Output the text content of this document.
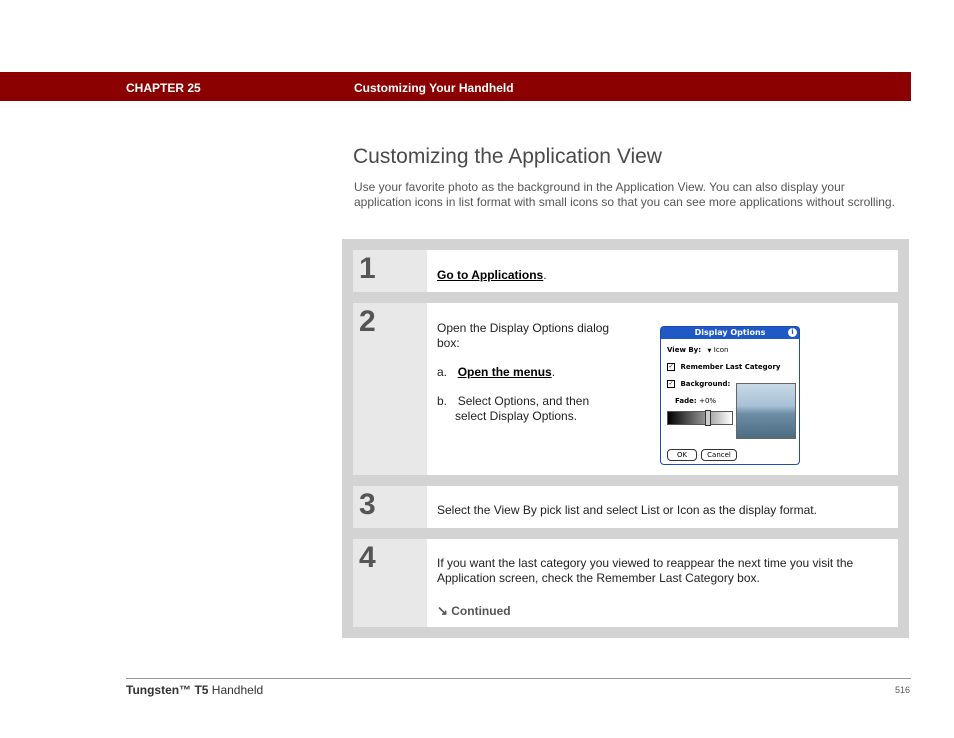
CHAPTER 25	Customizing Your Handheld
Customizing the Application View

Use your favorite photo as the background in the Application View. You can also display your application icons in list format with small icons so that you can see more applications without scrolling.

1	Go to Applications.
2	Open the Display Options dialog
box:
a. Open the menus.
b. Select Options, and then
select Display Options.
Display Options	i
View By: ▼ Icon
✓ Remember Last Category
✓ Background:
Fade: +0%
OK	Cancel
3	Select the View By pick list and select List or Icon as the display format.
4	If you want the last category you viewed to reappear the next time you visit the
Application screen, check the Remember Last Category box.
↘ Continued
Tungsten™ T5 Handheld	516
